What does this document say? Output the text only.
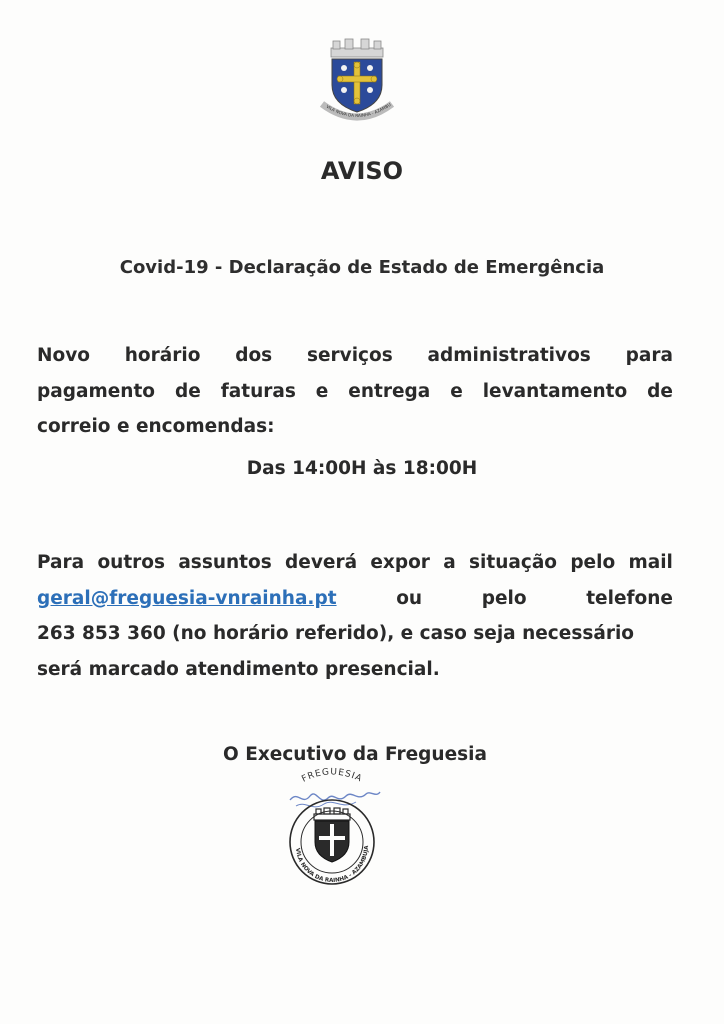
VILA NOVA DA RAINHA - AZAMBU
AVISO
Covid-19 - Declaração de Estado de Emergência
Novo horário dos serviços administrativos para
pagamento de faturas e entrega e levantamento de
correio e encomendas:
Das 14:00H às 18:00H
Para outros assuntos deverá expor a situação pelo mail
geral@freguesia-vnrainha.pt	ou	pelo	telefone
263 853 360 (no horário referido), e caso seja necessário
será marcado atendimento presencial.
O Executivo da Freguesia
FREGUESIA
VILA NOVA DA RAINHA - AZAMBUJA
